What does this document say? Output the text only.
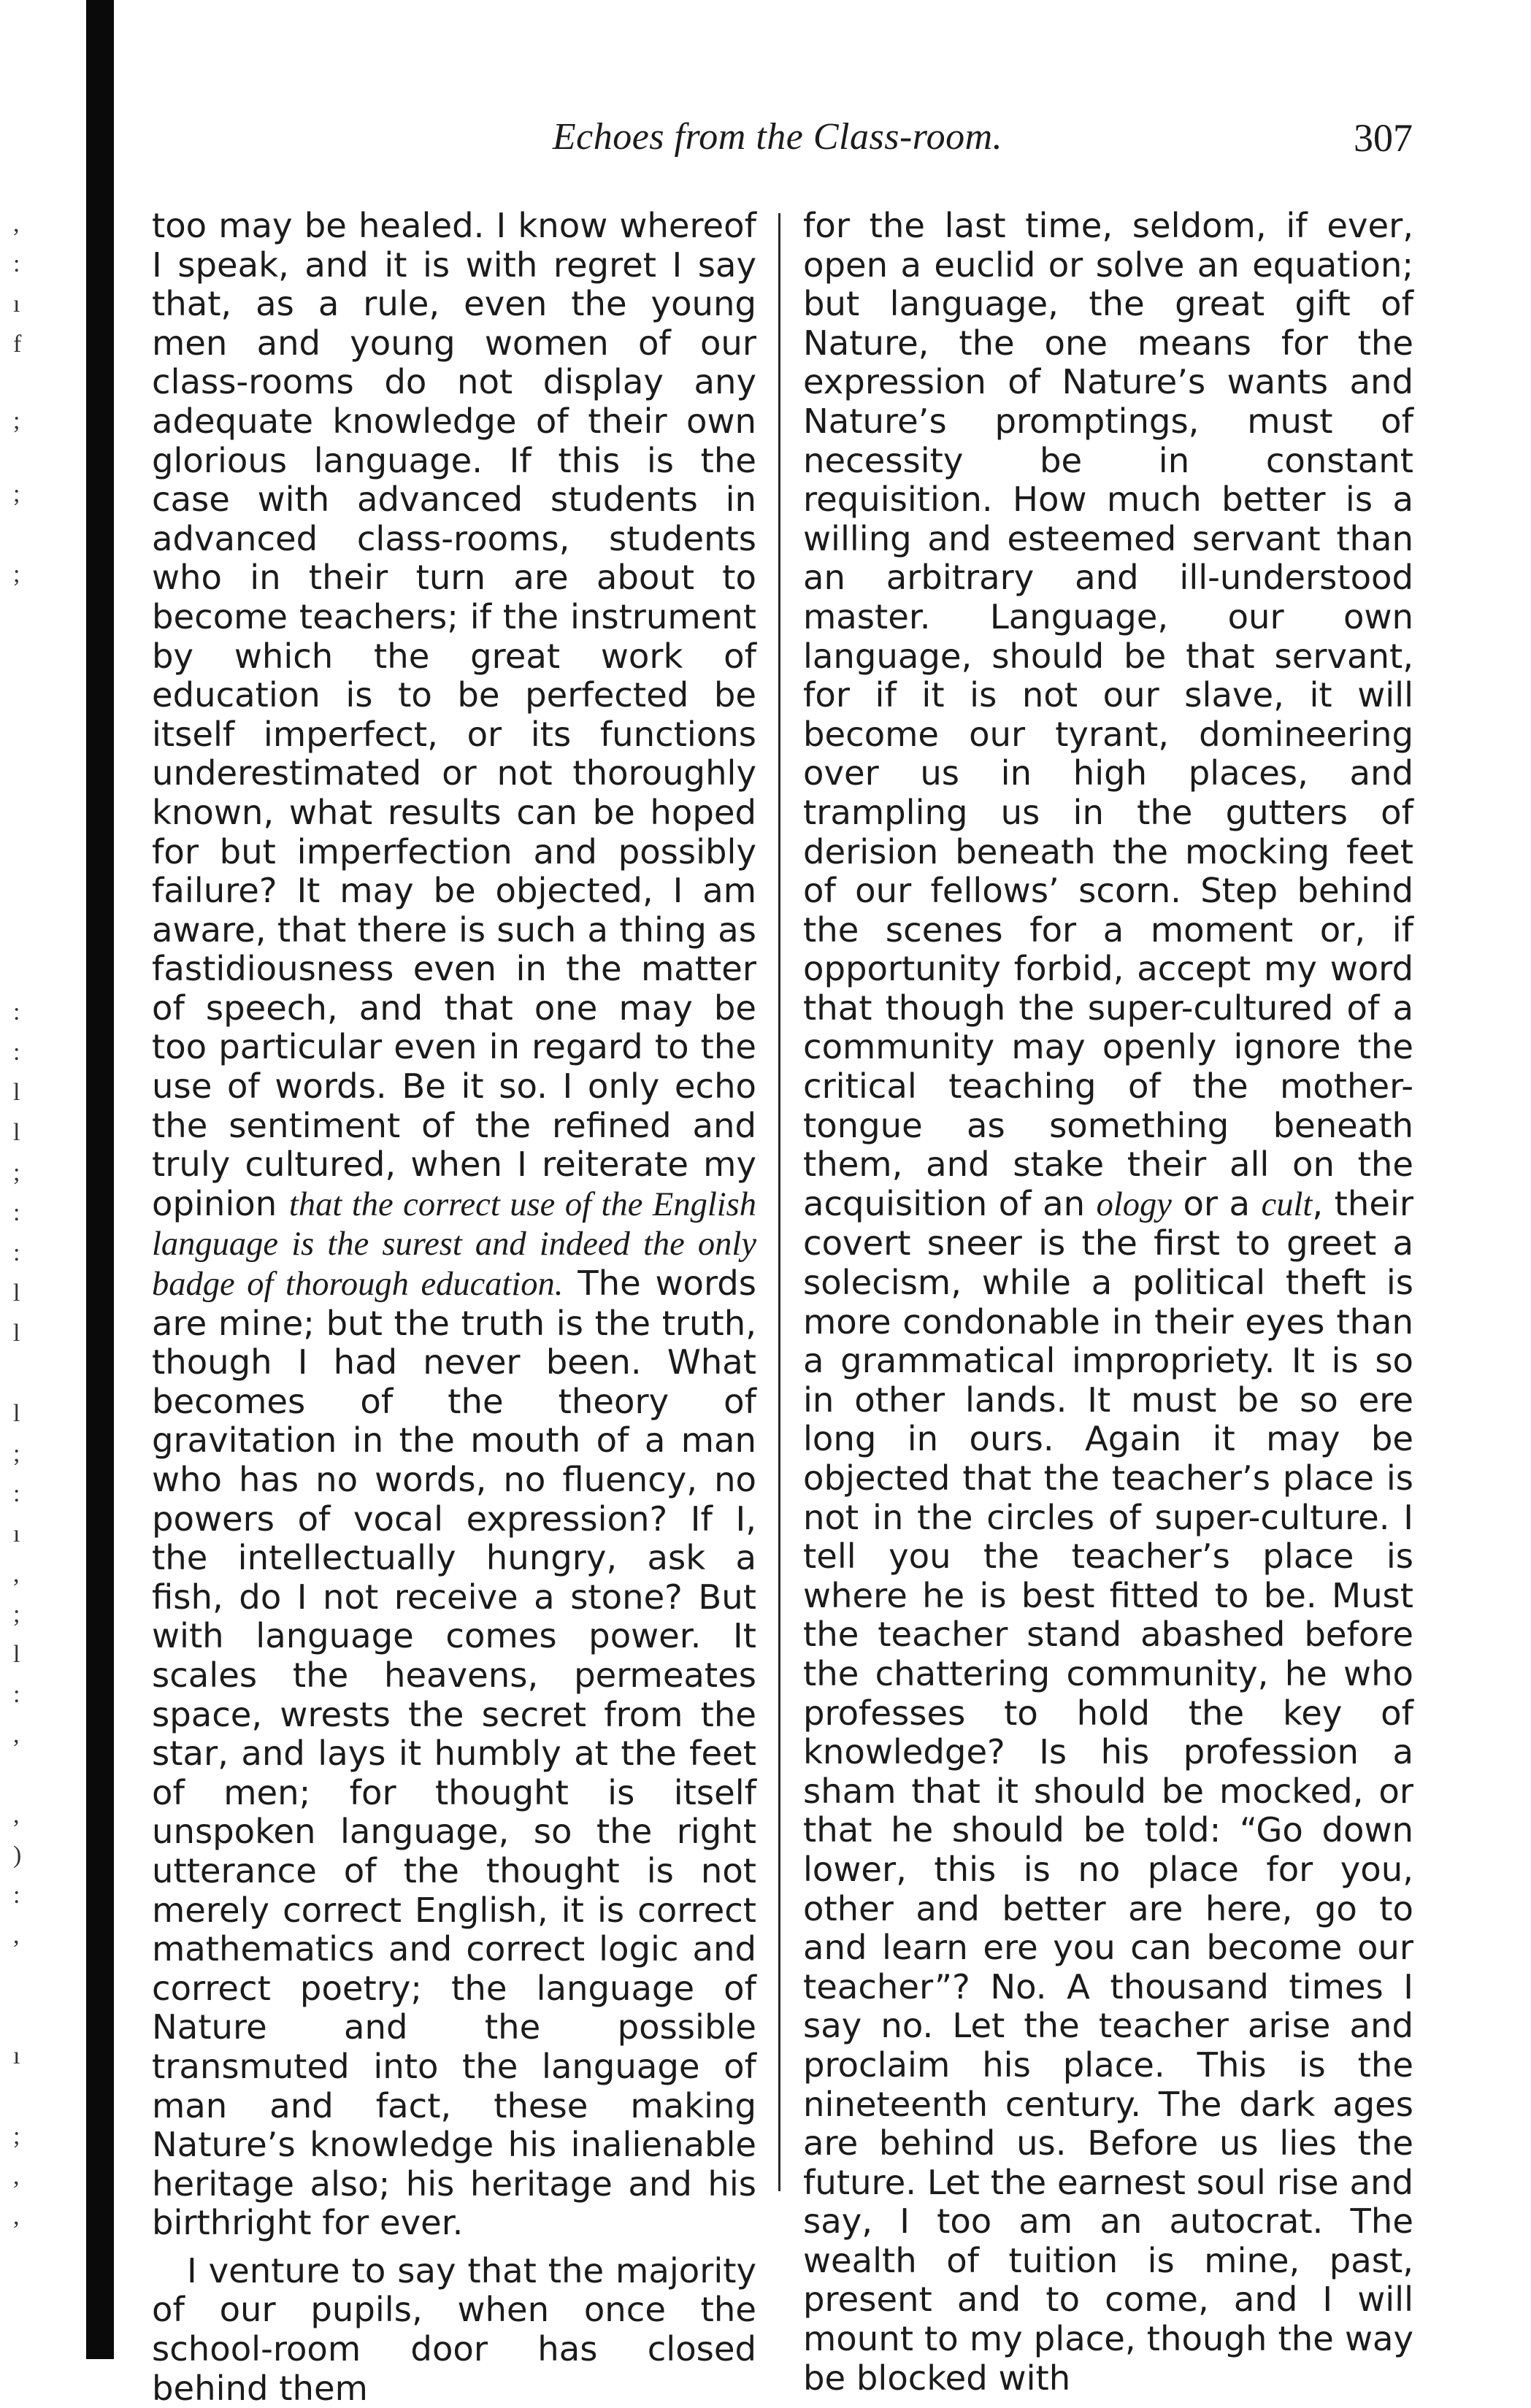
,
:
ı
f
;
;
;
:
:
l
l
;
:
:
l
l
l
;
:
ı
,
;
l
:
,
,
)
:
,
ı
;
,
,
Echoes from the Class-room.	307

too may be healed. I know whereof I speak, and it is with regret I say that, as a rule, even the young men and young women of our class-rooms do not display any adequate knowledge of their own glorious language. If this is the case with advanced students in advanced class-rooms, students who in their turn are about to become teachers; if the instrument by which the great work of education is to be perfected be itself imperfect, or its functions underestimated or not thoroughly known, what results can be hoped for but imperfection and possibly failure? It may be objected, I am aware, that there is such a thing as fastidiousness even in the matter of speech, and that one may be too particular even in regard to the use of words. Be it so. I only echo the sentiment of the refined and truly cultured, when I reiterate my opinion that the correct use of the English language is the surest and indeed the only badge of thorough education. The words are mine; but the truth is the truth, though I had never been. What becomes of the theory of gravitation in the mouth of a man who has no words, no fluency, no powers of vocal expression? If I, the intellectually hungry, ask a fish, do I not receive a stone? But with language comes power. It scales the heavens, permeates space, wrests the secret from the star, and lays it humbly at the feet of men; for thought is itself unspoken language, so the right utterance of the thought is not merely correct English, it is correct mathematics and correct logic and correct poetry; the language of Nature and the possible transmuted into the language of man and fact, these making Nature’s knowledge his inalienable heritage also; his heritage and his birthright for ever.

I venture to say that the majority of our pupils, when once the school-room door has closed behind them

for the last time, seldom, if ever, open a euclid or solve an equation; but language, the great gift of Nature, the one means for the expression of Nature’s wants and Nature’s promptings, must of necessity be in constant requisition. How much better is a willing and esteemed servant than an arbitrary and ill-understood master. Language, our own language, should be that servant, for if it is not our slave, it will become our tyrant, domineering over us in high places, and trampling us in the gutters of derision beneath the mocking feet of our fellows’ scorn. Step behind the scenes for a moment or, if opportunity forbid, accept my word that though the super-cultured of a community may openly ignore the critical teaching of the mother-tongue as something beneath them, and stake their all on the acquisition of an ology or a cult, their covert sneer is the first to greet a solecism, while a political theft is more condonable in their eyes than a grammatical impropriety. It is so in other lands. It must be so ere long in ours. Again it may be objected that the teacher’s place is not in the circles of super-culture. I tell you the teacher’s place is where he is best fitted to be. Must the teacher stand abashed before the chattering community, he who professes to hold the key of knowledge? Is his profession a sham that it should be mocked, or that he should be told: “Go down lower, this is no place for you, other and better are here, go to and learn ere you can become our teacher”? No. A thousand times I say no. Let the teacher arise and proclaim his place. This is the nineteenth century. The dark ages are behind us. Before us lies the future. Let the earnest soul rise and say, I too am an autocrat. The wealth of tuition is mine, past, present and to come, and I will mount to my place, though the way be blocked with
